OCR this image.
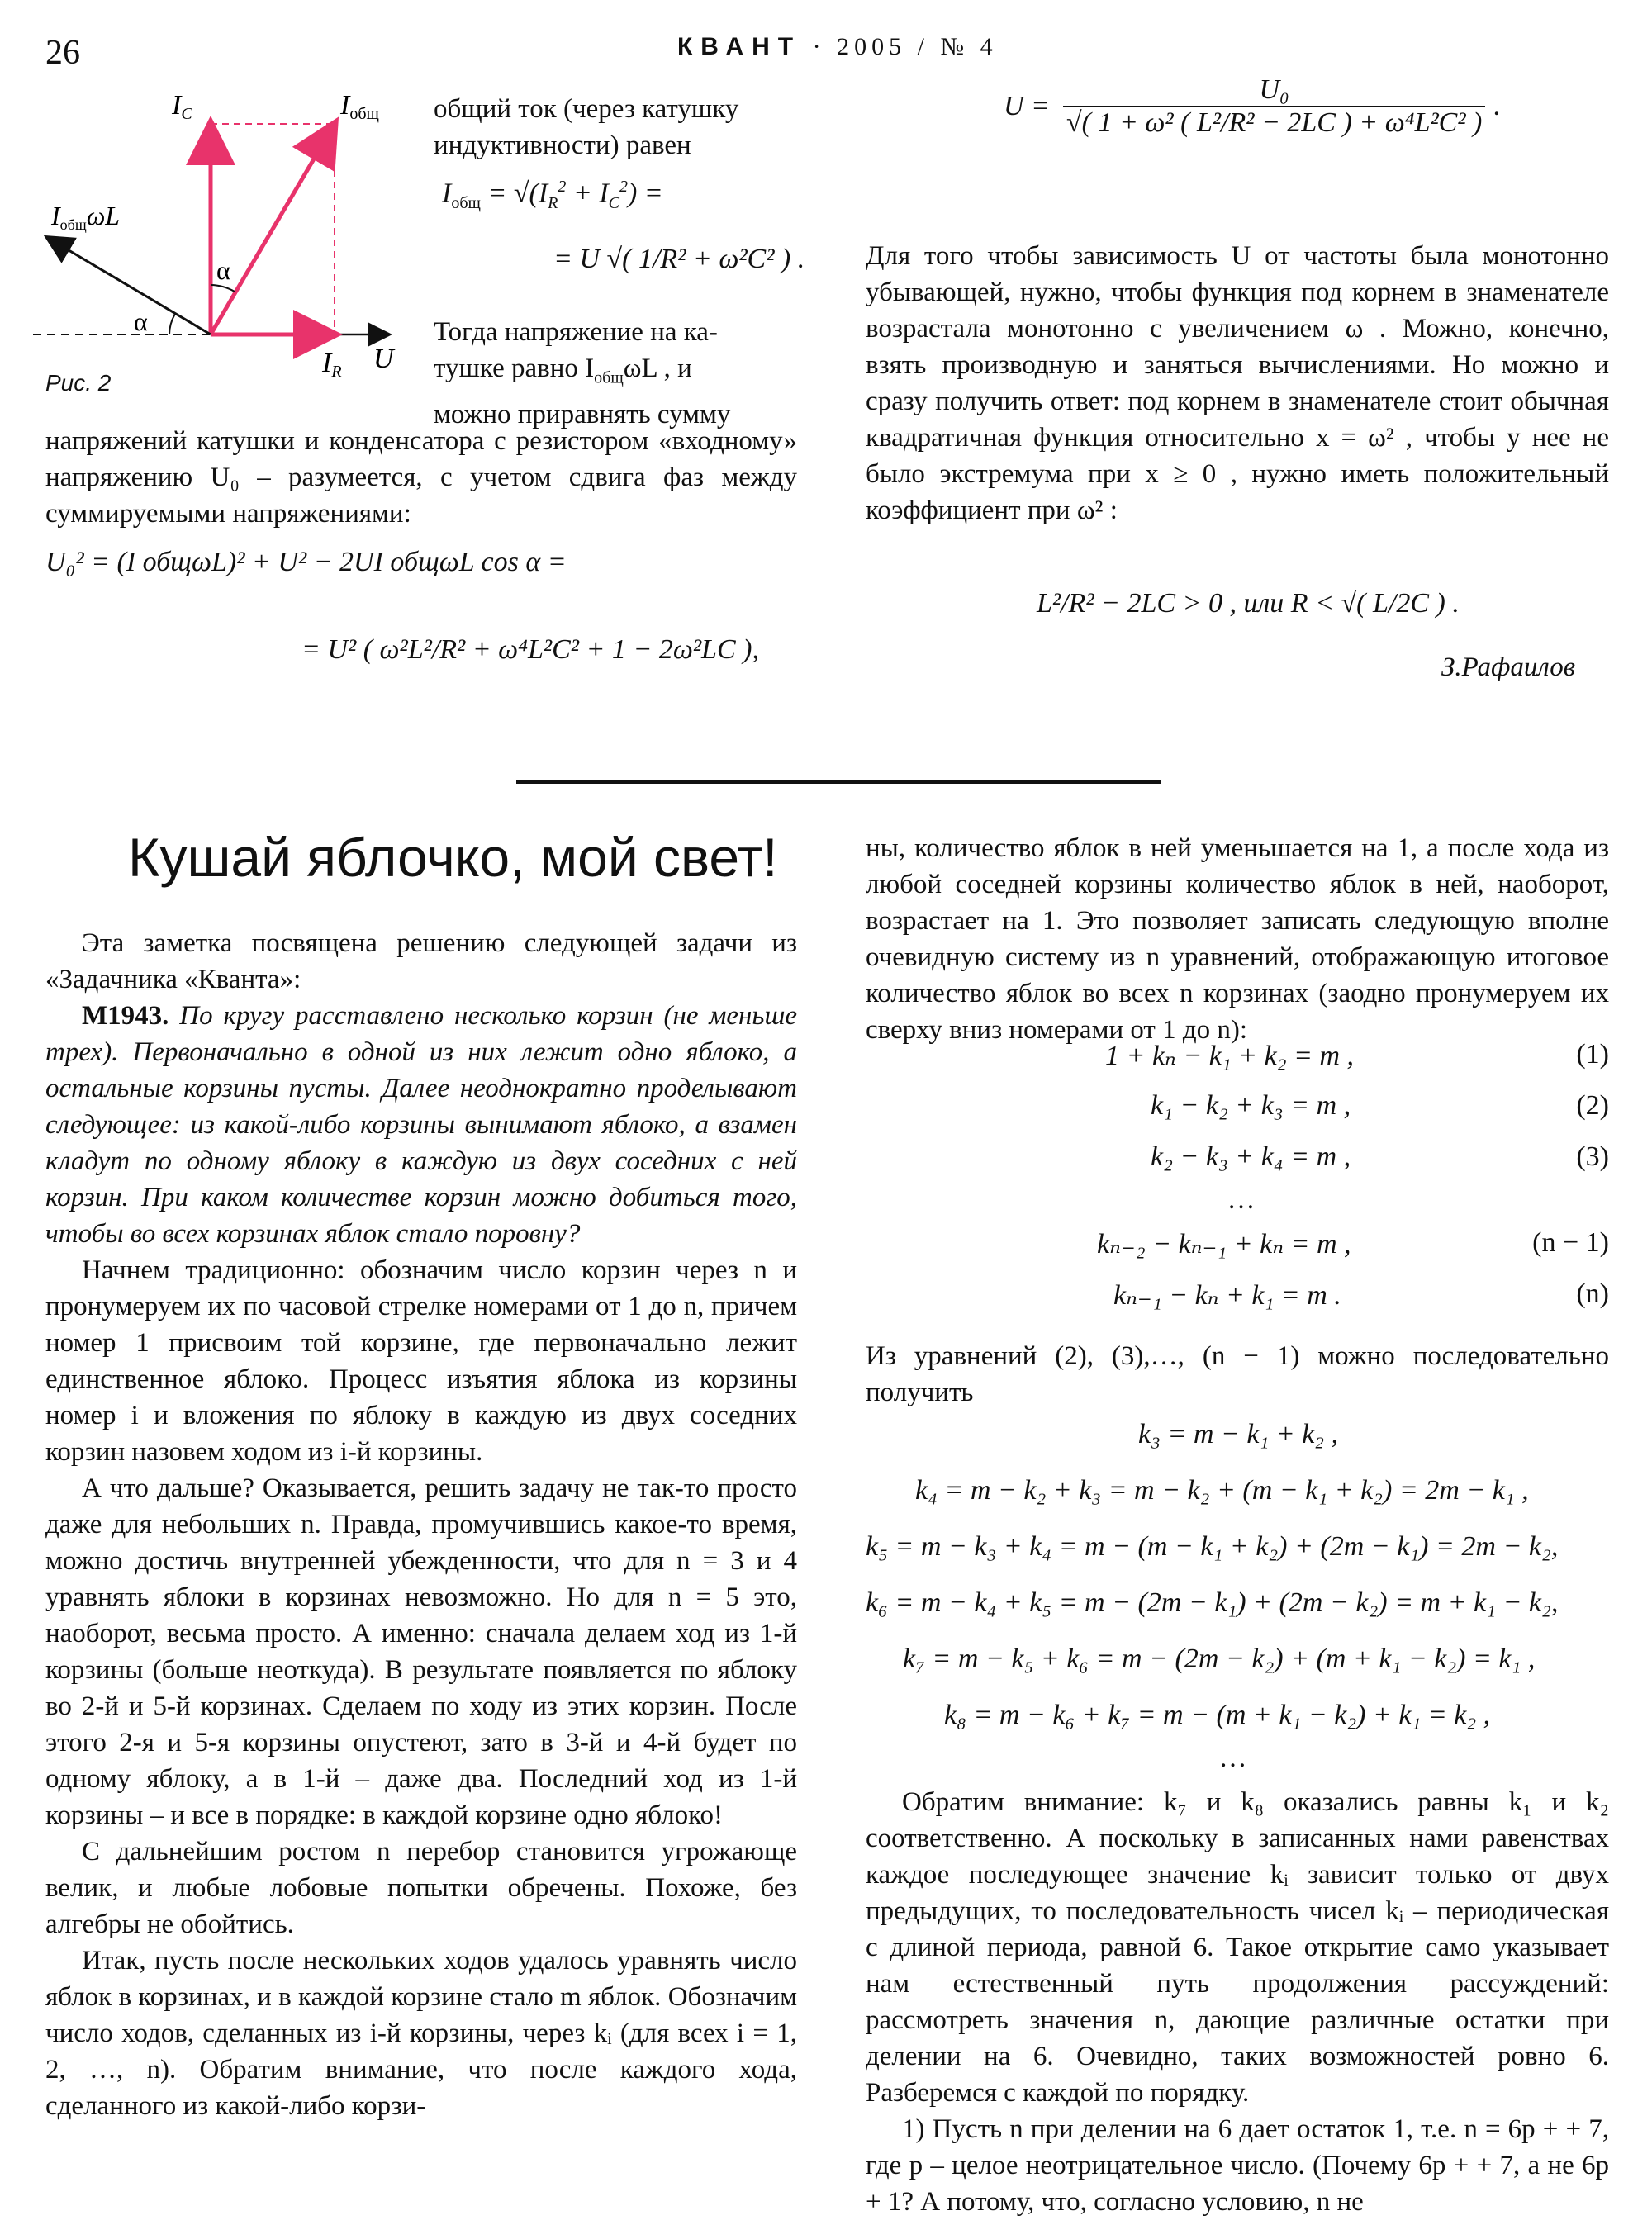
26	КВАНТ · 2005 / № 4
IC	Iобщ
IобщωL
α
α
IR U
Рис. 2

общий ток (через катушку

индуктивности) равен

$I_{общ} = √(I_R^2 + I_C^2)$ =
= U √( 1/R² + ω²C² ) .

Тогда напряжение на ка-

тушке равно $I_{общ}\omega L$ , и

можно приравнять сумму

напряжений катушки и конденсатора с резистором «входному» напряжению U₀ – разумеется, с учетом сдвига фаз между суммируемыми напряжениями:
U₀² = (I общωL)² + U² − 2UI общωL cos α =
= U² ( ω²L²/R² + ω⁴L²C² + 1 − 2ω²LC ),
$U = \frac{\text{U₀}}{\text{√( 1 + ω² ( L²/R² − 2LC ) + ω⁴L²C² )}}$ .
Для того чтобы зависимость U от частоты была монотонно убывающей, нужно, чтобы функция под корнем в знаменателе возрастала монотонно с увеличением ω . Можно, конечно, взять производную и заняться вычислениями. Но можно и сразу получить ответ: под корнем в знаменателе стоит обычная квадратичная функция относительно x = ω² , чтобы у нее не было экстремума при x ≥ 0 , нужно иметь положительный коэффициент при ω² :
L²/R² − 2LC > 0 , или R < √( L/2C ) .
З.Рафаилов
Кушай яблочко, мой свет!

Эта заметка посвящена решению следующей задачи из «Задачника «Кванта»:

М1943. По кругу расставлено несколько корзин (не меньше трех). Первоначально в одной из них лежит одно яблоко, а остальные корзины пусты. Далее неоднократно проделывают следующее: из какой-либо корзины вынимают яблоко, а взамен кладут по одному яблоку в каждую из двух соседних с ней корзин. При каком количестве корзин можно добиться того, чтобы во всех корзинах яблок стало поровну?

Начнем традиционно: обозначим число корзин через n и пронумеруем их по часовой стрелке номерами от 1 до n, причем номер 1 присвоим той корзине, где первоначально лежит единственное яблоко. Процесс изъятия яблока из корзины номер i и вложения по яблоку в каждую из двух соседних корзин назовем ходом из i-й корзины.

А что дальше? Оказывается, решить задачу не так-то просто даже для небольших n. Правда, промучившись какое-то время, можно достичь внутренней убежденности, что для n = 3 и 4 уравнять яблоки в корзинах невозможно. Но для n = 5 это, наоборот, весьма просто. А именно: сначала делаем ход из 1-й корзины (больше неоткуда). В результате появляется по яблоку во 2-й и 5-й корзинах. Сделаем по ходу из этих корзин. После этого 2-я и 5-я корзины опустеют, зато в 3-й и 4-й будет по одному яблоку, а в 1-й – даже два. Последний ход из 1-й корзины – и все в порядке: в каждой корзине одно яблоко!

С дальнейшим ростом n перебор становится угрожающе велик, и любые лобовые попытки обречены. Похоже, без алгебры не обойтись.

Итак, пусть после нескольких ходов удалось уравнять число яблок в корзинах, и в каждой корзине стало m яблок. Обозначим число ходов, сделанных из i-й корзины, через kᵢ (для всех i = 1, 2, …, n). Обратим внимание, что после каждого хода, сделанного из какой-либо корзи-

ны, количество яблок в ней уменьшается на 1, а после хода из любой соседней корзины количество яблок в ней, наоборот, возрастает на 1. Это позволяет записать следующую вполне очевидную систему из n уравнений, отображающую итоговое количество яблок во всех n корзинах (заодно пронумеруем их сверху вниз номерами от 1 до n):
1 + kₙ − k₁ + k₂ = m ,	(1)
k₁ − k₂ + k₃ = m ,	(2)
k₂ − k₃ + k₄ = m ,	(3)
…
kₙ₋₂ − kₙ₋₁ + kₙ = m ,	(n − 1)
kₙ₋₁ − kₙ + k₁ = m .	(n)
Из уравнений (2), (3),…, (n − 1) можно последовательно получить
k₃ = m − k₁ + k₂ ,
k₄ = m − k₂ + k₃ = m − k₂ + (m − k₁ + k₂) = 2m − k₁ ,
k₅ = m − k₃ + k₄ = m − (m − k₁ + k₂) + (2m − k₁) = 2m − k₂,
k₆ = m − k₄ + k₅ = m − (2m − k₁) + (2m − k₂) = m + k₁ − k₂,
k₇ = m − k₅ + k₆ = m − (2m − k₂) + (m + k₁ − k₂) = k₁ ,
k₈ = m − k₆ + k₇ = m − (m + k₁ − k₂) + k₁ = k₂ ,
…

Обратим внимание: k₇ и k₈ оказались равны k₁ и k₂ соответственно. А поскольку в записанных нами равенствах каждое последующее значение kᵢ зависит только от двух предыдущих, то последовательность чисел kᵢ – периодическая с длиной периода, равной 6. Такое открытие само указывает нам естественный путь продолжения рассуждений: рассмотреть значения n, дающие различные остатки при делении на 6. Очевидно, таких возможностей ровно 6. Разберемся с каждой по порядку.

1) Пусть n при делении на 6 дает остаток 1, т.е. n = 6p + + 7, где p – целое неотрицательное число. (Почему 6p + + 7, а не 6p + 1? А потому, что, согласно условию, n не
